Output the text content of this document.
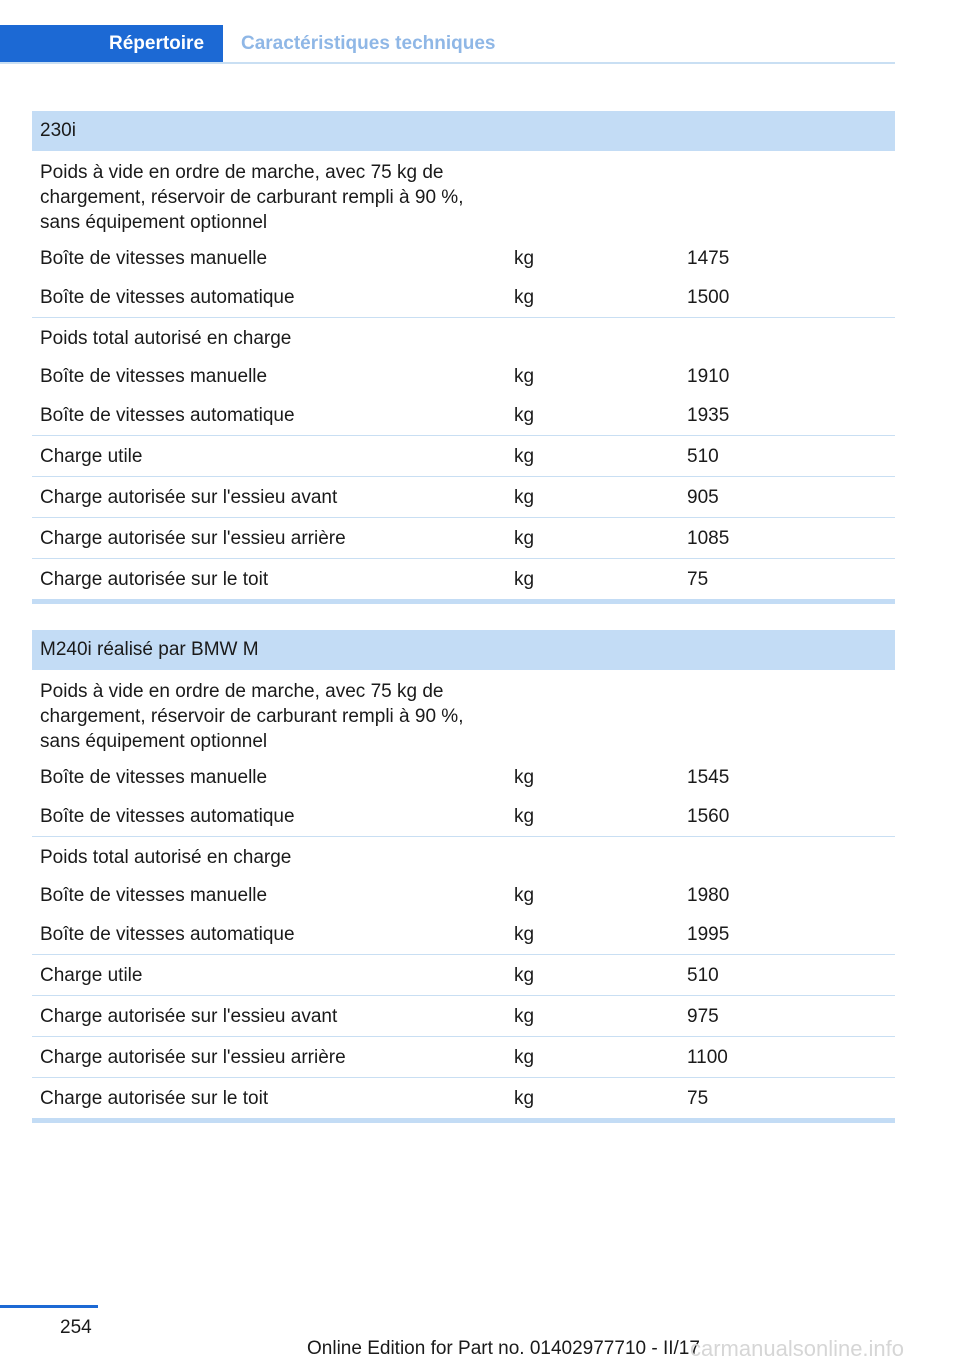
Répertoire	Caractéristiques techniques
230i
Poids à vide en ordre de marche, avec 75 kg de chargement, réservoir de carburant rempli à 90 %, sans équipement optionnel
Boîte de vitesses manuelle	kg	1475
Boîte de vitesses automatique	kg	1500
Poids total autorisé en charge
Boîte de vitesses manuelle	kg	1910
Boîte de vitesses automatique	kg	1935
Charge utile	kg	510
Charge autorisée sur l'essieu avant	kg	905
Charge autorisée sur l'essieu arrière	kg	1085
Charge autorisée sur le toit	kg	75
M240i réalisé par BMW M
Poids à vide en ordre de marche, avec 75 kg de chargement, réservoir de carburant rempli à 90 %, sans équipement optionnel
Boîte de vitesses manuelle	kg	1545
Boîte de vitesses automatique	kg	1560
Poids total autorisé en charge
Boîte de vitesses manuelle	kg	1980
Boîte de vitesses automatique	kg	1995
Charge utile	kg	510
Charge autorisée sur l'essieu avant	kg	975
Charge autorisée sur l'essieu arrière	kg	1100
Charge autorisée sur le toit	kg	75
254
Online Edition for Part no. 01402977710 - II/17
carmanualsonline.info
